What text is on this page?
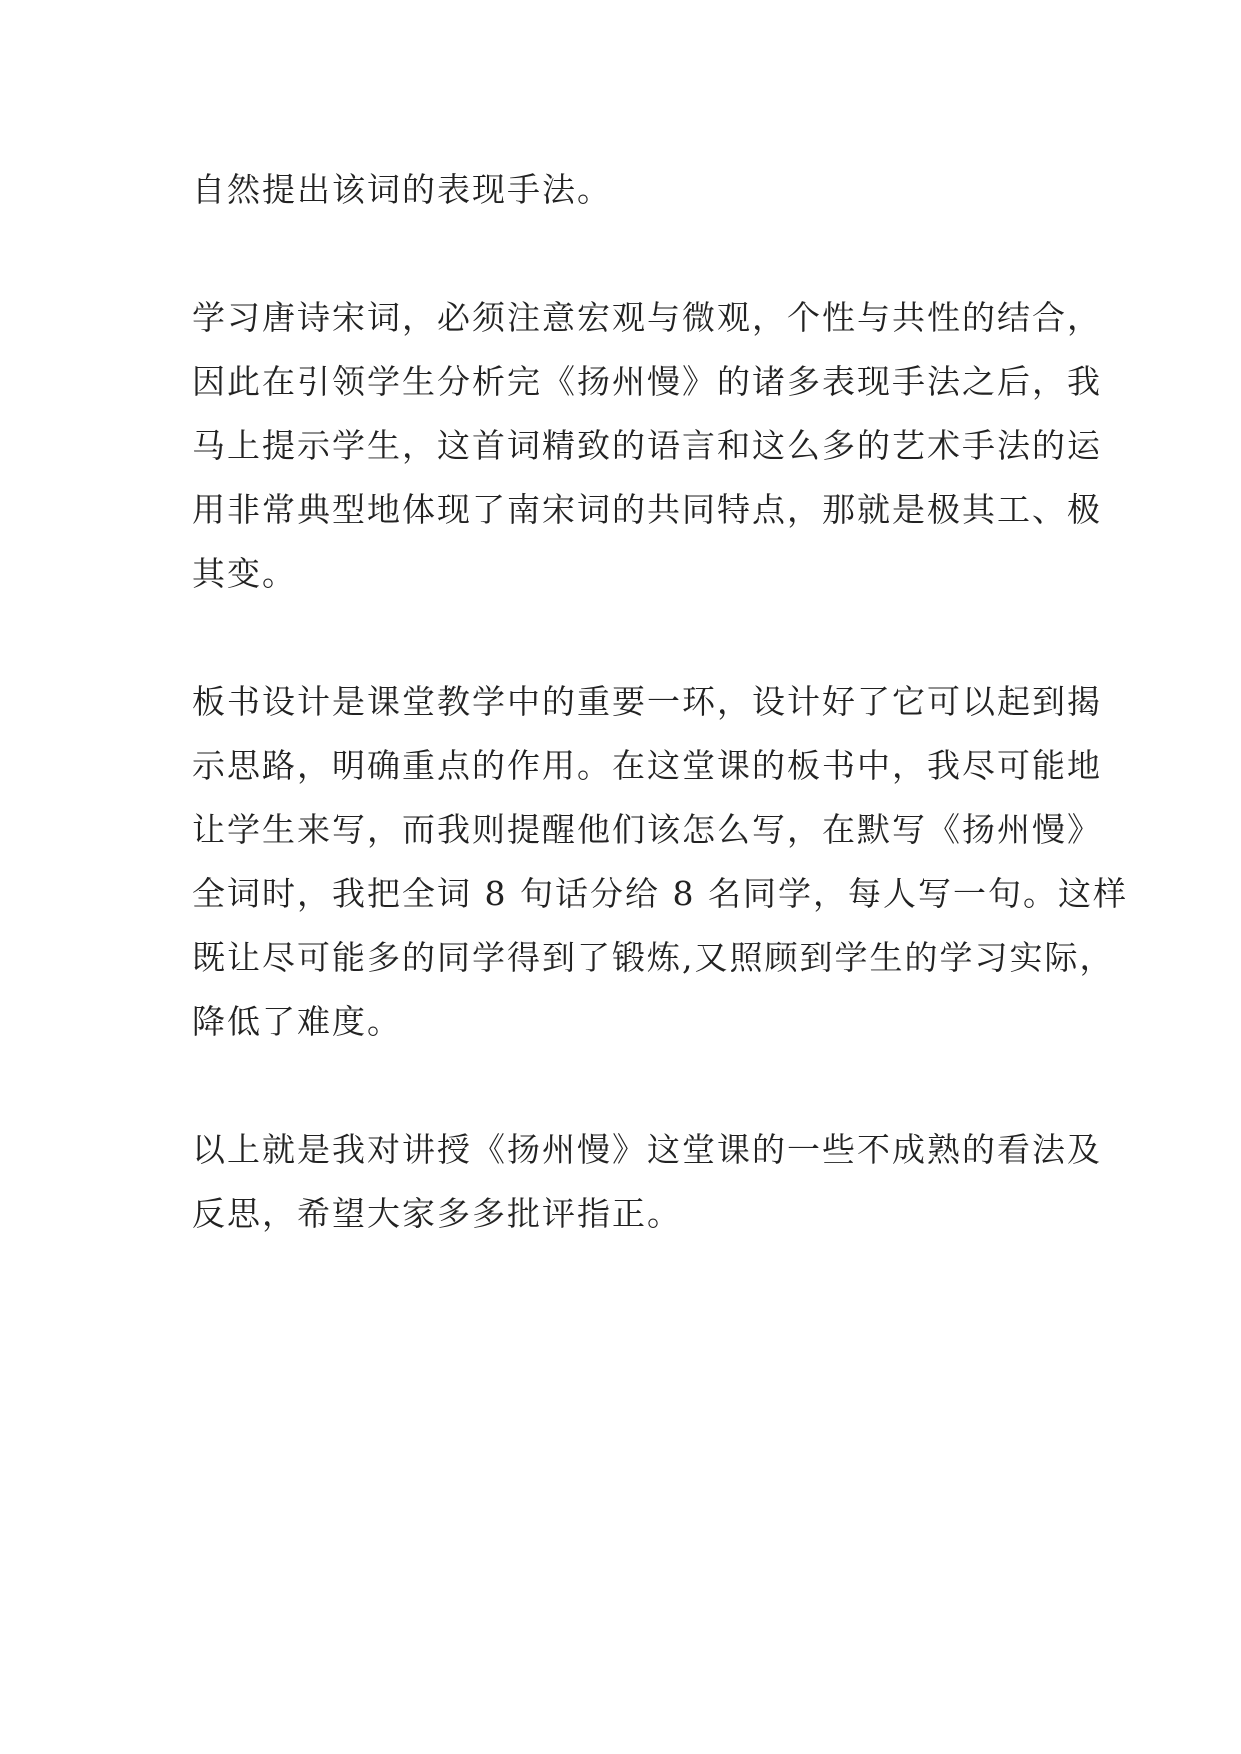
自然提出该词的表现手法。
学习唐诗宋词，必须注意宏观与微观，个性与共性的结合，
因此在引领学生分析完《扬州慢》的诸多表现手法之后，我
马上提示学生，这首词精致的语言和这么多的艺术手法的运
用非常典型地体现了南宋词的共同特点，那就是极其工、极
其变。
板书设计是课堂教学中的重要一环，设计好了它可以起到揭
示思路，明确重点的作用。在这堂课的板书中，我尽可能地
让学生来写，而我则提醒他们该怎么写，在默写《扬州慢》
全词时，我把全词 8 句话分给 8 名同学，每人写一句。这样
既让尽可能多的同学得到了锻炼,又照顾到学生的学习实际，
降低了难度。
以上就是我对讲授《扬州慢》这堂课的一些不成熟的看法及
反思，希望大家多多批评指正。
